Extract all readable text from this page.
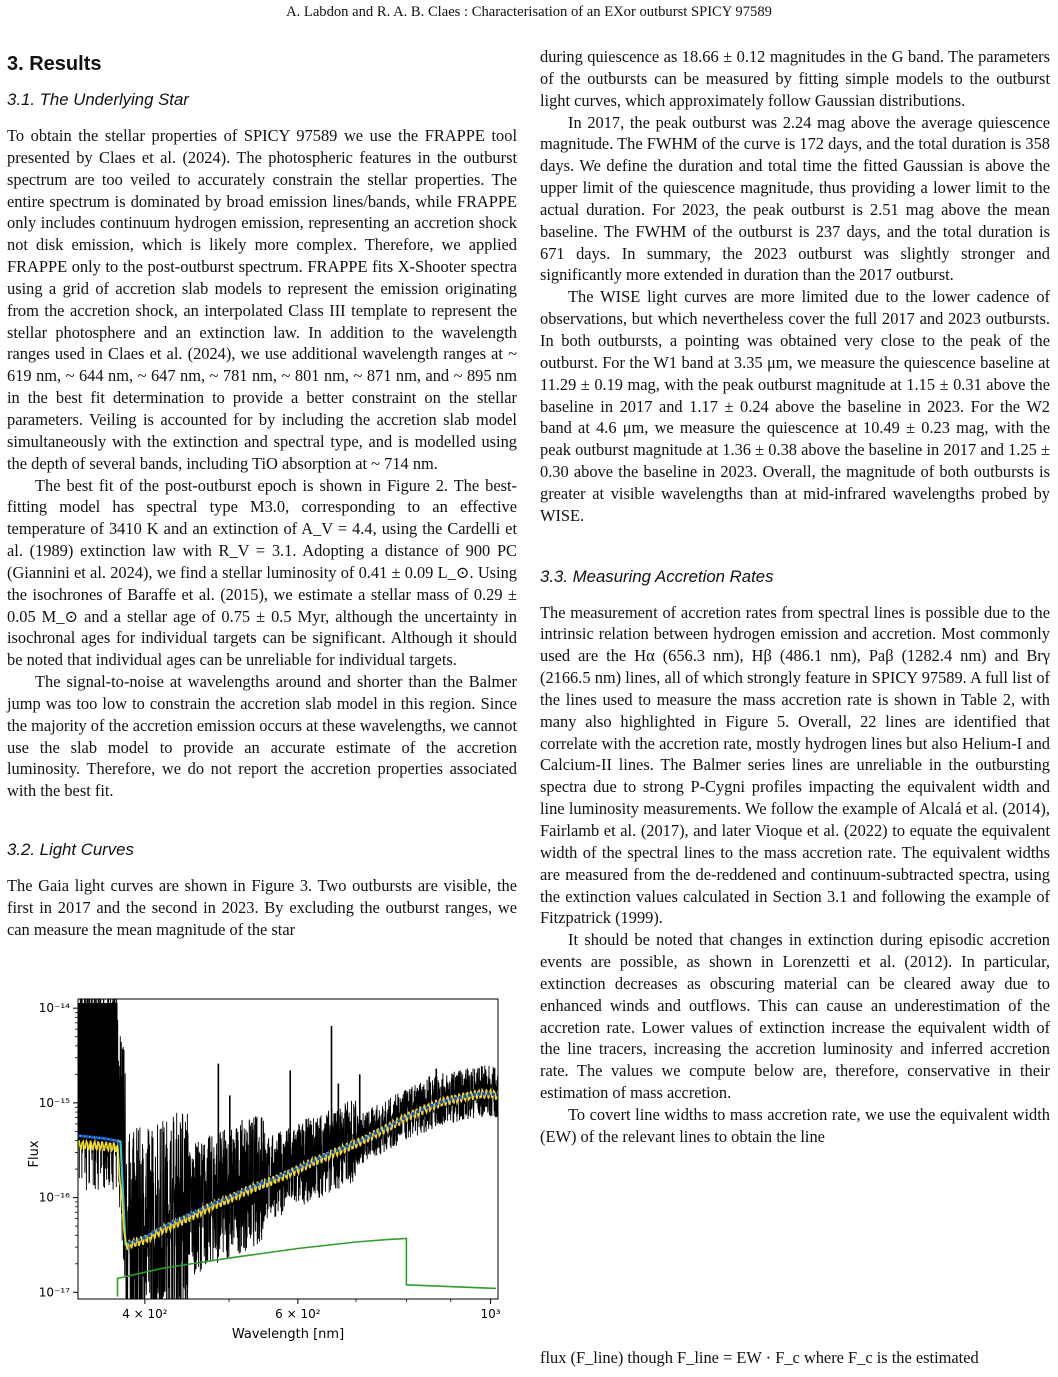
A. Labdon and R. A. B. Claes : Characterisation of an EXor outburst SPICY 97589
3. Results
3.1. The Underlying Star

To obtain the stellar properties of SPICY 97589 we use the FRAPPE tool presented by Claes et al. (2024). The photospheric features in the outburst spectrum are too veiled to accurately constrain the stellar properties. The entire spectrum is dominated by broad emission lines/bands, while FRAPPE only includes continuum hydrogen emission, representing an accretion shock not disk emission, which is likely more complex. Therefore, we applied FRAPPE only to the post-outburst spectrum. FRAPPE fits X-Shooter spectra using a grid of accretion slab models to represent the emission originating from the accretion shock, an interpolated Class III template to represent the stellar photosphere and an extinction law. In addition to the wavelength ranges used in Claes et al. (2024), we use additional wavelength ranges at ~ 619 nm, ~ 644 nm, ~ 647 nm, ~ 781 nm, ~ 801 nm, ~ 871 nm, and ~ 895 nm in the best fit determination to provide a better constraint on the stellar parameters. Veiling is accounted for by including the accretion slab model simultaneously with the extinction and spectral type, and is modelled using the depth of several bands, including TiO absorption at ~ 714 nm.

The best fit of the post-outburst epoch is shown in Figure 2. The best-fitting model has spectral type M3.0, corresponding to an effective temperature of 3410 K and an extinction of A_V = 4.4, using the Cardelli et al. (1989) extinction law with R_V = 3.1. Adopting a distance of 900 PC (Giannini et al. 2024), we find a stellar luminosity of 0.41 ± 0.09 L_⊙. Using the isochrones of Baraffe et al. (2015), we estimate a stellar mass of 0.29 ± 0.05 M_⊙ and a stellar age of 0.75 ± 0.5 Myr, although the uncertainty in isochronal ages for individual targets can be significant. Although it should be noted that individual ages can be unreliable for individual targets.

The signal-to-noise at wavelengths around and shorter than the Balmer jump was too low to constrain the accretion slab model in this region. Since the majority of the accretion emission occurs at these wavelengths, we cannot use the slab model to provide an accurate estimate of the accretion luminosity. Therefore, we do not report the accretion properties associated with the best fit.

3.2. Light Curves

The Gaia light curves are shown in Figure 3. Two outbursts are visible, the first in 2017 and the second in 2023. By excluding the outburst ranges, we can measure the mean magnitude of the star

10⁻¹⁴
10⁻¹⁵
10⁻¹⁶
10⁻¹⁷
4 × 10²	6 × 10²	10³
Flux
Wavelength [nm]

during quiescence as 18.66 ± 0.12 magnitudes in the G band. The parameters of the outbursts can be measured by fitting simple models to the outburst light curves, which approximately follow Gaussian distributions.

In 2017, the peak outburst was 2.24 mag above the average quiescence magnitude. The FWHM of the curve is 172 days, and the total duration is 358 days. We define the duration and total time the fitted Gaussian is above the upper limit of the quiescence magnitude, thus providing a lower limit to the actual duration. For 2023, the peak outburst is 2.51 mag above the mean baseline. The FWHM of the outburst is 237 days, and the total duration is 671 days. In summary, the 2023 outburst was slightly stronger and significantly more extended in duration than the 2017 outburst.

The WISE light curves are more limited due to the lower cadence of observations, but which nevertheless cover the full 2017 and 2023 outbursts. In both outbursts, a pointing was obtained very close to the peak of the outburst. For the W1 band at 3.35 μm, we measure the quiescence baseline at 11.29 ± 0.19 mag, with the peak outburst magnitude at 1.15 ± 0.31 above the baseline in 2017 and 1.17 ± 0.24 above the baseline in 2023. For the W2 band at 4.6 μm, we measure the quiescence at 10.49 ± 0.23 mag, with the peak outburst magnitude at 1.36 ± 0.38 above the baseline in 2017 and 1.25 ± 0.30 above the baseline in 2023. Overall, the magnitude of both outbursts is greater at visible wavelengths than at mid-infrared wavelengths probed by WISE.

3.3. Measuring Accretion Rates

The measurement of accretion rates from spectral lines is possible due to the intrinsic relation between hydrogen emission and accretion. Most commonly used are the Hα (656.3 nm), Hβ (486.1 nm), Paβ (1282.4 nm) and Brγ (2166.5 nm) lines, all of which strongly feature in SPICY 97589. A full list of the lines used to measure the mass accretion rate is shown in Table 2, with many also highlighted in Figure 5. Overall, 22 lines are identified that correlate with the accretion rate, mostly hydrogen lines but also Helium-I and Calcium-II lines. The Balmer series lines are unreliable in the outbursting spectra due to strong P-Cygni profiles impacting the equivalent width and line luminosity measurements. We follow the example of Alcalá et al. (2014), Fairlamb et al. (2017), and later Vioque et al. (2022) to equate the equivalent width of the spectral lines to the mass accretion rate. The equivalent widths are measured from the de-reddened and continuum-subtracted spectra, using the extinction values calculated in Section 3.1 and following the example of Fitzpatrick (1999).

It should be noted that changes in extinction during episodic accretion events are possible, as shown in Lorenzetti et al. (2012). In particular, extinction decreases as obscuring material can be cleared away due to enhanced winds and outflows. This can cause an underestimation of the accretion rate. Lower values of extinction increase the equivalent width of the line tracers, increasing the accretion luminosity and inferred accretion rate. The values we compute below are, therefore, conservative in their estimation of mass accretion.

To covert line widths to mass accretion rate, we use the equivalent width (EW) of the relevant lines to obtain the line

flux (F_line) though F_line = EW · F_c where F_c is the estimated
